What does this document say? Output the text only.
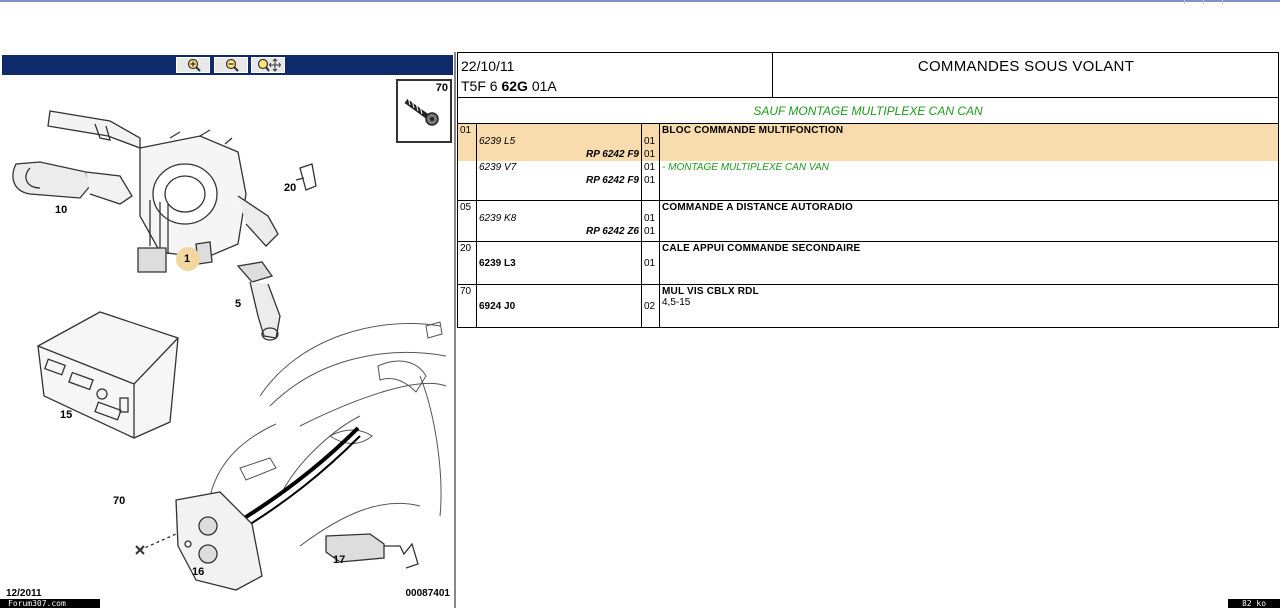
70
1
5
10
20
15
70
16
17
12/2011	00087401
22/10/11
T5F 6 62G 01A
COMMANDES SOUS VOLANT
SAUF MONTAGE MULTIPLEXE CAN CAN
01	6239 L5	01	BLOC COMMANDE MULTIFONCTION
	RP 6242 F9	01	
	6239 V7	01	- MONTAGE MULTIPLEXE CAN VAN
	RP 6242 F9	01	
05	6239 K8	01	COMMANDE A DISTANCE AUTORADIO
	RP 6242 Z6	01	
20	6239 L3	01	CALE APPUI COMMANDE SECONDAIRE
70	6924 J0	02	MUL VIS CBLX RDL
4,5-15
Forum307.com	82 ko
